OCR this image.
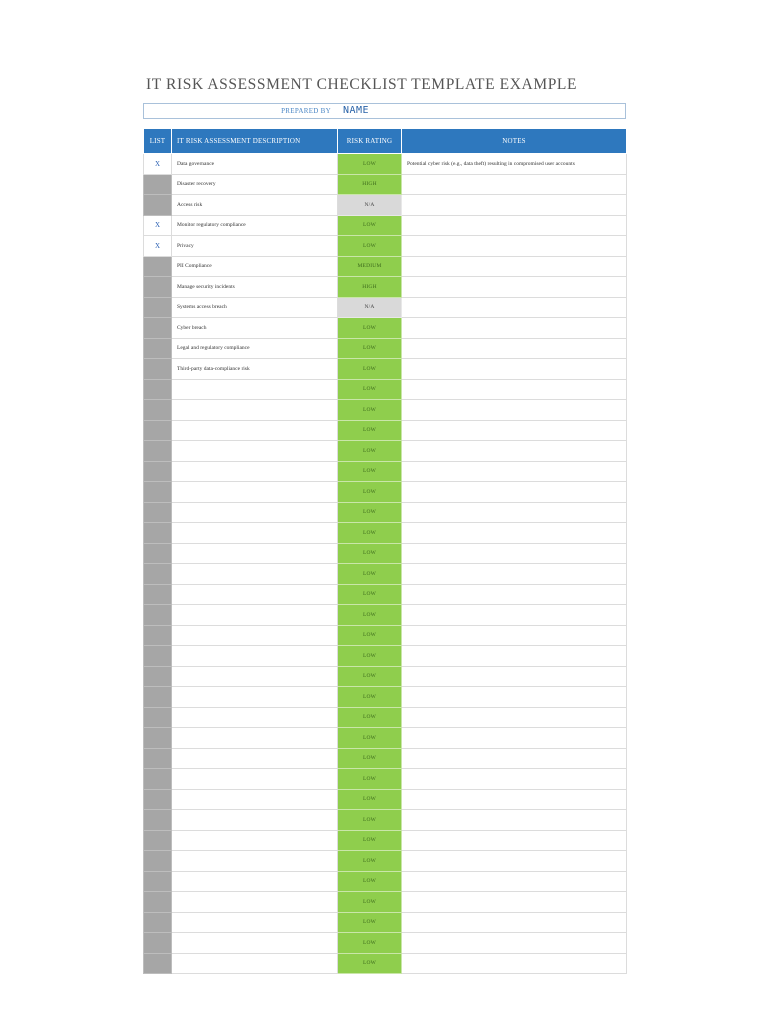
IT RISK ASSESSMENT CHECKLIST TEMPLATE EXAMPLE
PREPARED BY NAME
LIST	IT RISK ASSESSMENT DESCRIPTION	RISK RATING	NOTES
X	Data governance	LOW	Potential cyber risk (e.g., data theft) resulting in compromised user accounts
	Disaster recovery	HIGH	
	Access risk	N/A	
X	Monitor regulatory compliance	LOW	
X	Privacy	LOW	
	PII Compliance	MEDIUM	
	Manage security incidents	HIGH	
	Systems access breach	N/A	
	Cyber breach	LOW	
	Legal and regulatory compliance	LOW	
	Third-party data-compliance risk	LOW	
		LOW	
		LOW	
		LOW	
		LOW	
		LOW	
		LOW	
		LOW	
		LOW	
		LOW	
		LOW	
		LOW	
		LOW	
		LOW	
		LOW	
		LOW	
		LOW	
		LOW	
		LOW	
		LOW	
		LOW	
		LOW	
		LOW	
		LOW	
		LOW	
		LOW	
		LOW	
		LOW	
		LOW	
		LOW	
